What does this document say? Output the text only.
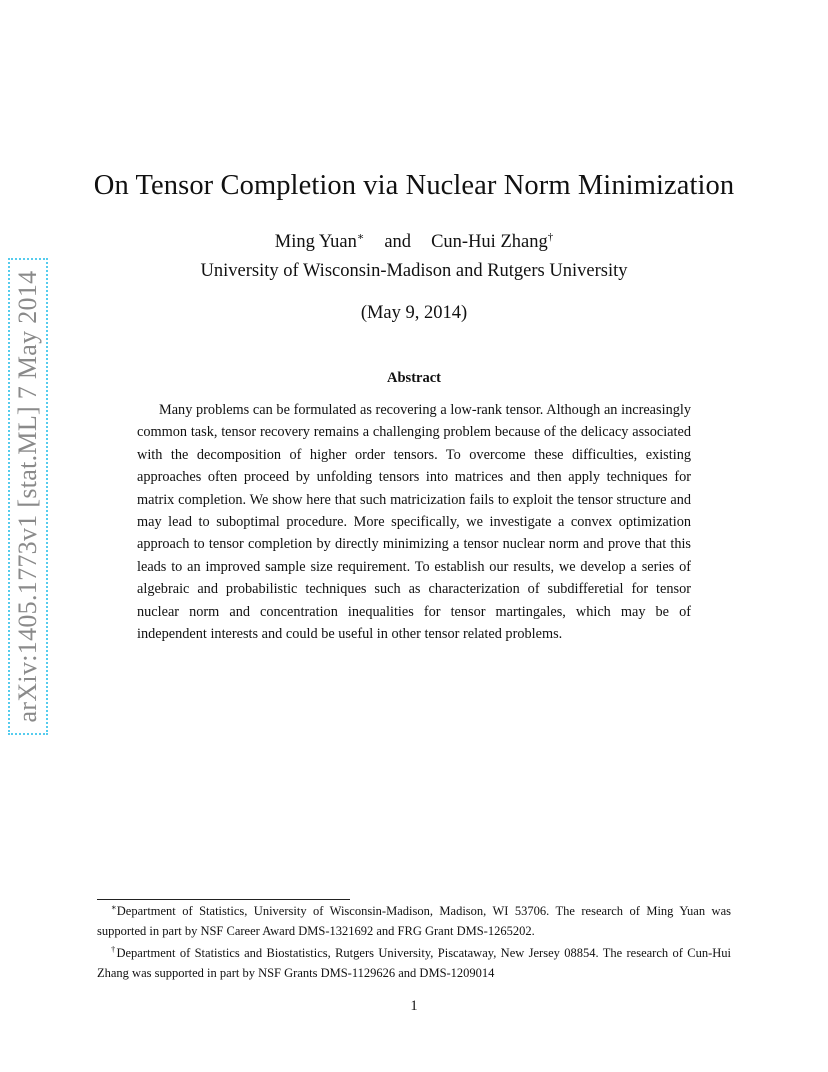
arXiv:1405.1773v1 [stat.ML] 7 May 2014
On Tensor Completion via Nuclear Norm Minimization
Ming Yuan∗ and Cun-Hui Zhang†
University of Wisconsin-Madison and Rutgers University
(May 9, 2014)
Abstract

Many problems can be formulated as recovering a low-rank tensor. Although an increasingly common task, tensor recovery remains a challenging problem because of the delicacy associated with the decomposition of higher order tensors. To overcome these difficulties, existing approaches often proceed by unfolding tensors into matrices and then apply techniques for matrix completion. We show here that such matricization fails to exploit the tensor structure and may lead to suboptimal procedure. More specifically, we investigate a convex optimization approach to tensor completion by directly minimizing a tensor nuclear norm and prove that this leads to an improved sample size requirement. To establish our results, we develop a series of algebraic and probabilistic techniques such as characterization of subdifferetial for tensor nuclear norm and concentration inequalities for tensor martingales, which may be of independent interests and could be useful in other tensor related problems.

∗Department of Statistics, University of Wisconsin-Madison, Madison, WI 53706. The research of Ming Yuan was supported in part by NSF Career Award DMS-1321692 and FRG Grant DMS-1265202.

†Department of Statistics and Biostatistics, Rutgers University, Piscataway, New Jersey 08854. The research of Cun-Hui Zhang was supported in part by NSF Grants DMS-1129626 and DMS-1209014

1
